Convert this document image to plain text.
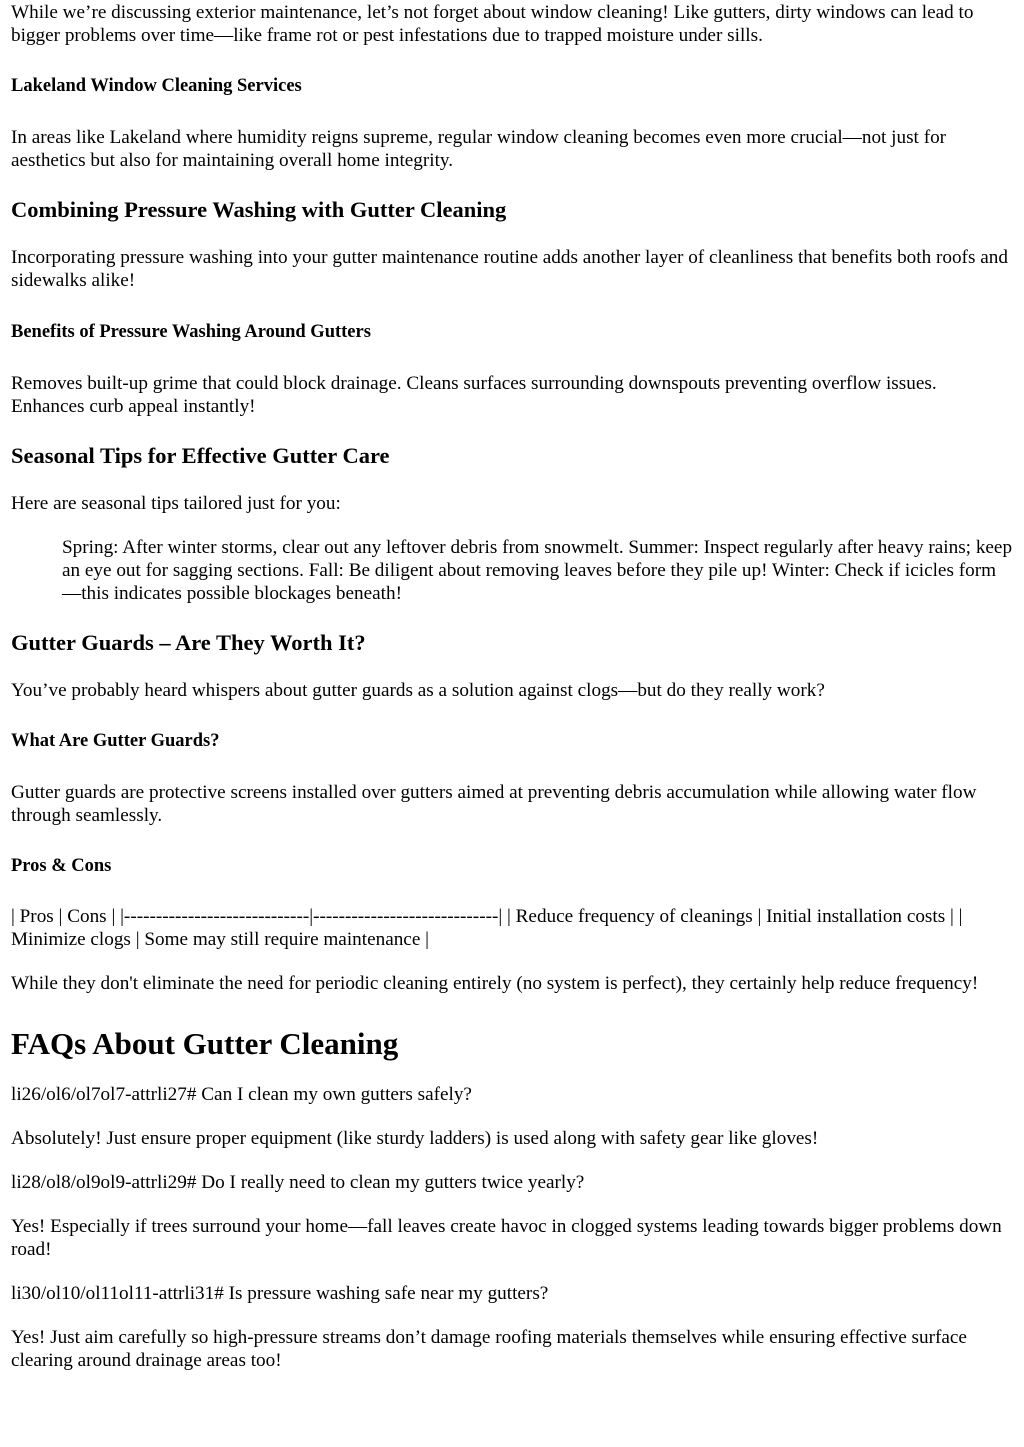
While we’re discussing exterior maintenance, let’s not forget about window cleaning! Like gutters, dirty windows can lead to bigger problems over time—like frame rot or pest infestations due to trapped moisture under sills.

Lakeland Window Cleaning Services

In areas like Lakeland where humidity reigns supreme, regular window cleaning becomes even more crucial—not just for aesthetics but also for maintaining overall home integrity.

Combining Pressure Washing with Gutter Cleaning

Incorporating pressure washing into your gutter maintenance routine adds another layer of cleanliness that benefits both roofs and sidewalks alike!

Benefits of Pressure Washing Around Gutters

Removes built-up grime that could block drainage. Cleans surfaces surrounding downspouts preventing overflow issues. Enhances curb appeal instantly!

Seasonal Tips for Effective Gutter Care

Here are seasonal tips tailored just for you:

Spring: After winter storms, clear out any leftover debris from snowmelt. Summer: Inspect regularly after heavy rains; keep an eye out for sagging sections. Fall: Be diligent about removing leaves before they pile up! Winter: Check if icicles form—this indicates possible blockages beneath!
Gutter Guards – Are They Worth It?

You’ve probably heard whispers about gutter guards as a solution against clogs—but do they really work?

What Are Gutter Guards?

Gutter guards are protective screens installed over gutters aimed at preventing debris accumulation while allowing water flow through seamlessly.

Pros & Cons

| Pros | Cons | |-----------------------------|-----------------------------| | Reduce frequency of cleanings | Initial installation costs | | Minimize clogs | Some may still require maintenance |

While they don't eliminate the need for periodic cleaning entirely (no system is perfect), they certainly help reduce frequency!

FAQs About Gutter Cleaning

li26/ol6/ol7ol7-attrli27# Can I clean my own gutters safely?

Absolutely! Just ensure proper equipment (like sturdy ladders) is used along with safety gear like gloves!

li28/ol8/ol9ol9-attrli29# Do I really need to clean my gutters twice yearly?

Yes! Especially if trees surround your home—fall leaves create havoc in clogged systems leading towards bigger problems down road!

li30/ol10/ol11ol11-attrli31# Is pressure washing safe near my gutters?

Yes! Just aim carefully so high-pressure streams don’t damage roofing materials themselves while ensuring effective surface clearing around drainage areas too!
